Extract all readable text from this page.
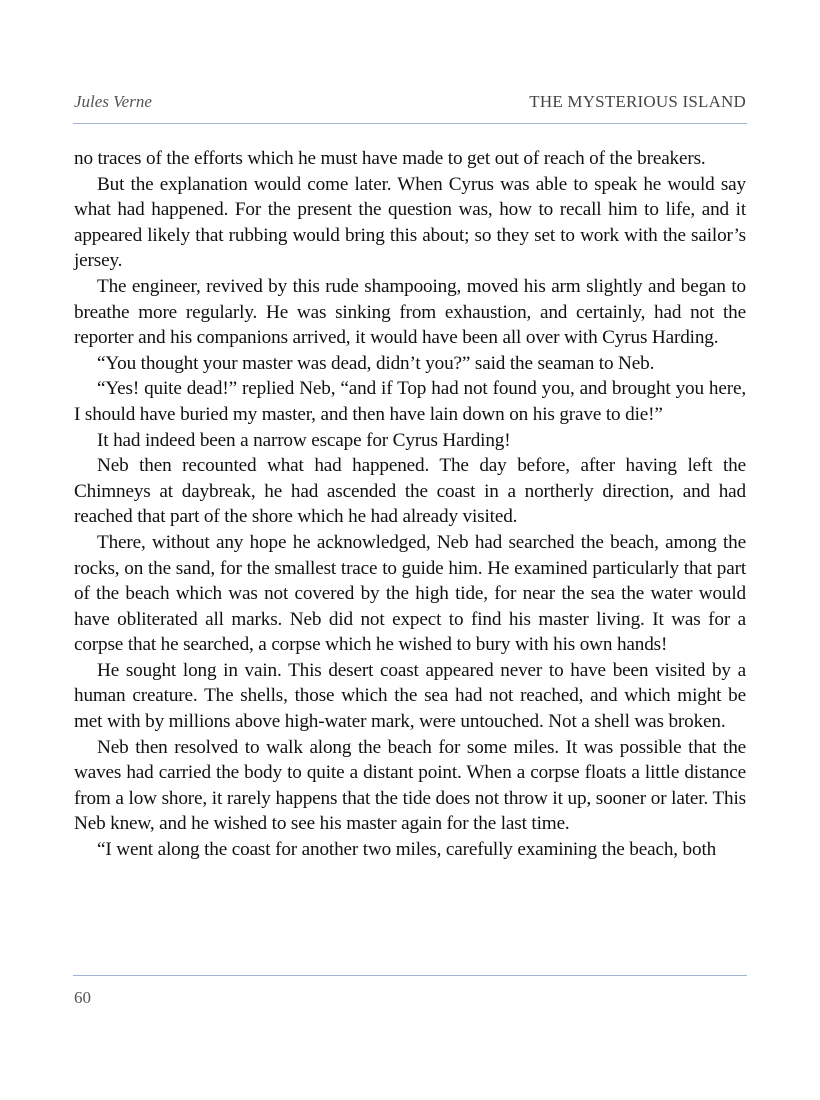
Jules Verne	THE MYSTERIOUS ISLAND

no traces of the efforts which he must have made to get out of reach of the breakers.

But the explanation would come later. When Cyrus was able to speak he would say what had happened. For the present the question was, how to recall him to life, and it appeared likely that rubbing would bring this about; so they set to work with the sailor’s jersey.

The engineer, revived by this rude shampooing, moved his arm slightly and began to breathe more regularly. He was sinking from exhaustion, and certainly, had not the reporter and his companions arrived, it would have been all over with Cyrus Harding.

“You thought your master was dead, didn’t you?” said the seaman to Neb.

“Yes! quite dead!” replied Neb, “and if Top had not found you, and brought you here, I should have buried my master, and then have lain down on his grave to die!”

It had indeed been a narrow escape for Cyrus Harding!

Neb then recounted what had happened. The day before, after having left the Chimneys at daybreak, he had ascended the coast in a northerly direction, and had reached that part of the shore which he had already visited.

There, without any hope he acknowledged, Neb had searched the beach, among the rocks, on the sand, for the smallest trace to guide him. He examined particularly that part of the beach which was not covered by the high tide, for near the sea the water would have obliterated all marks. Neb did not expect to find his master living. It was for a corpse that he searched, a corpse which he wished to bury with his own hands!

He sought long in vain. This desert coast appeared never to have been visited by a human creature. The shells, those which the sea had not reached, and which might be met with by millions above high-water mark, were untouched. Not a shell was broken.

Neb then resolved to walk along the beach for some miles. It was possible that the waves had carried the body to quite a distant point. When a corpse floats a little distance from a low shore, it rarely happens that the tide does not throw it up, sooner or later. This Neb knew, and he wished to see his master again for the last time.

“I went along the coast for another two miles, carefully examining the beach, both

60
